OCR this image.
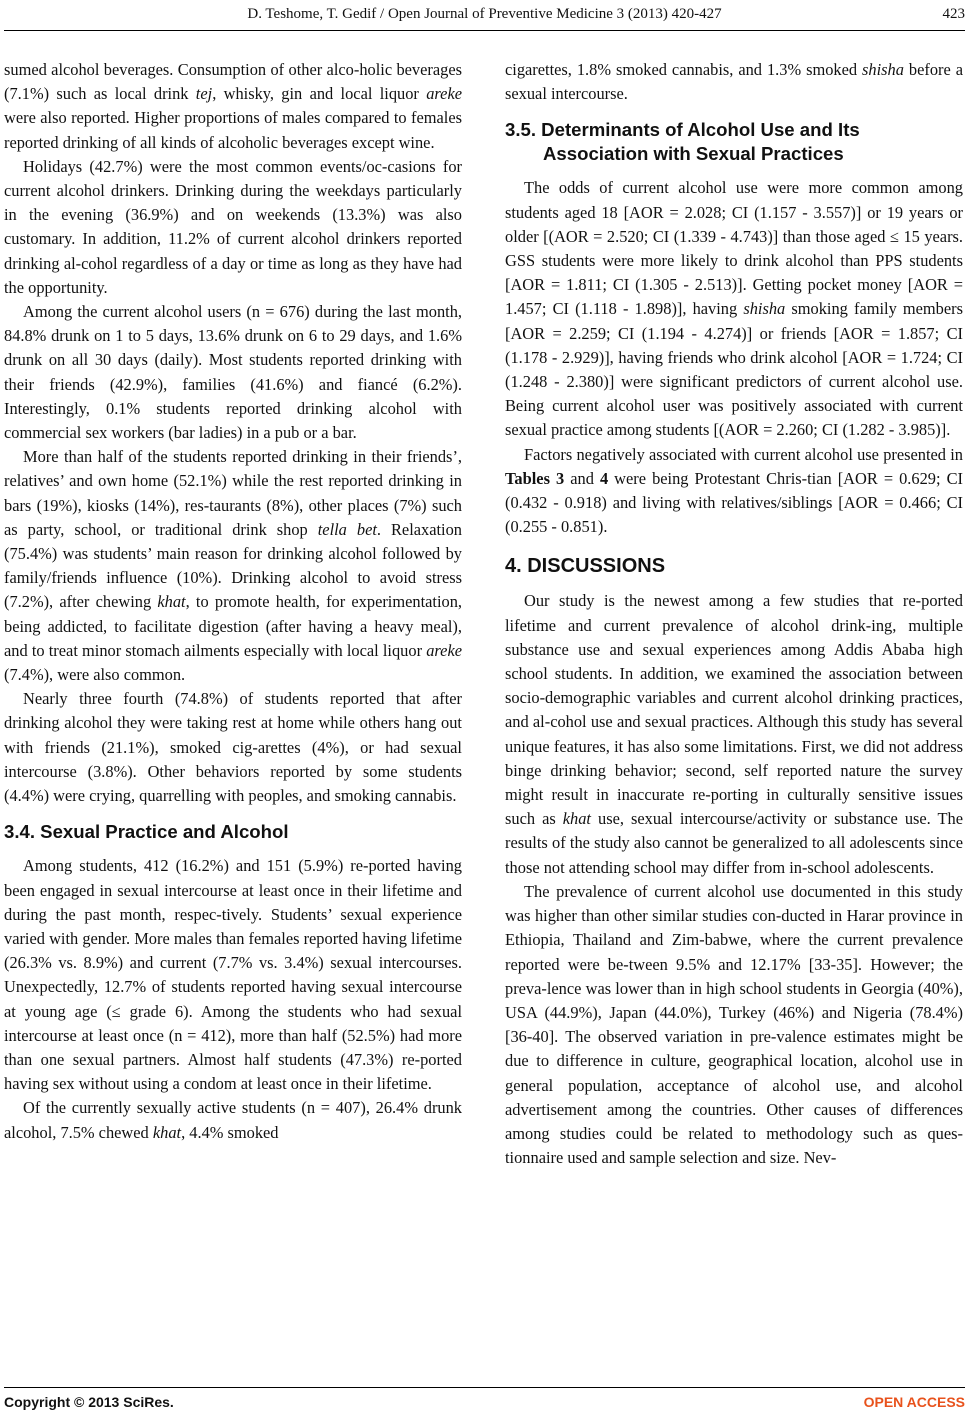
D. Teshome, T. Gedif / Open Journal of Preventive Medicine 3 (2013) 420-427	423

sumed alcohol beverages. Consumption of other alco-holic beverages (7.1%) such as local drink tej, whisky, gin and local liquor areke were also reported. Higher proportions of males compared to females reported drinking of all kinds of alcoholic beverages except wine.

Holidays (42.7%) were the most common events/oc-casions for current alcohol drinkers. Drinking during the weekdays particularly in the evening (36.9%) and on weekends (13.3%) was also customary. In addition, 11.2% of current alcohol drinkers reported drinking al-cohol regardless of a day or time as long as they have had the opportunity.

Among the current alcohol users (n = 676) during the last month, 84.8% drunk on 1 to 5 days, 13.6% drunk on 6 to 29 days, and 1.6% drunk on all 30 days (daily). Most students reported drinking with their friends (42.9%), families (41.6%) and fiancé (6.2%). Interestingly, 0.1% students reported drinking alcohol with commercial sex workers (bar ladies) in a pub or a bar.

More than half of the students reported drinking in their friends’, relatives’ and own home (52.1%) while the rest reported drinking in bars (19%), kiosks (14%), res-taurants (8%), other places (7%) such as party, school, or traditional drink shop tella bet. Relaxation (75.4%) was students’ main reason for drinking alcohol followed by family/friends influence (10%). Drinking alcohol to avoid stress (7.2%), after chewing khat, to promote health, for experimentation, being addicted, to facilitate digestion (after having a heavy meal), and to treat minor stomach ailments especially with local liquor areke (7.4%), were also common.

Nearly three fourth (74.8%) of students reported that after drinking alcohol they were taking rest at home while others hang out with friends (21.1%), smoked cig-arettes (4%), or had sexual intercourse (3.8%). Other behaviors reported by some students (4.4%) were crying, quarrelling with peoples, and smoking cannabis.

3.4. Sexual Practice and Alcohol

Among students, 412 (16.2%) and 151 (5.9%) re-ported having been engaged in sexual intercourse at least once in their lifetime and during the past month, respec-tively. Students’ sexual experience varied with gender. More males than females reported having lifetime (26.3% vs. 8.9%) and current (7.7% vs. 3.4%) sexual intercourses. Unexpectedly, 12.7% of students reported having sexual intercourse at young age (≤ grade 6). Among the students who had sexual intercourse at least once (n = 412), more than half (52.5%) had more than one sexual partners. Almost half students (47.3%) re-ported having sex without using a condom at least once in their lifetime.

Of the currently sexually active students (n = 407), 26.4% drunk alcohol, 7.5% chewed khat, 4.4% smoked

cigarettes, 1.8% smoked cannabis, and 1.3% smoked shisha before a sexual intercourse.

3.5. Determinants of Alcohol Use and Its Association with Sexual Practices

The odds of current alcohol use were more common among students aged 18 [AOR = 2.028; CI (1.157 - 3.557)] or 19 years or older [(AOR = 2.520; CI (1.339 - 4.743)] than those aged ≤ 15 years. GSS students were more likely to drink alcohol than PPS students [AOR = 1.811; CI (1.305 - 2.513)]. Getting pocket money [AOR = 1.457; CI (1.118 - 1.898)], having shisha smoking family members [AOR = 2.259; CI (1.194 - 4.274)] or friends [AOR = 1.857; CI (1.178 - 2.929)], having friends who drink alcohol [AOR = 1.724; CI (1.248 - 2.380)] were significant predictors of current alcohol use. Being current alcohol user was positively associated with current sexual practice among students [(AOR = 2.260; CI (1.282 - 3.985)].

Factors negatively associated with current alcohol use presented in Tables 3 and 4 were being Protestant Chris-tian [AOR = 0.629; CI (0.432 - 0.918) and living with relatives/siblings [AOR = 0.466; CI (0.255 - 0.851).

4. DISCUSSIONS

Our study is the newest among a few studies that re-ported lifetime and current prevalence of alcohol drink-ing, multiple substance use and sexual experiences among Addis Ababa high school students. In addition, we examined the association between socio-demographic variables and current alcohol drinking practices, and al-cohol use and sexual practices. Although this study has several unique features, it has also some limitations. First, we did not address binge drinking behavior; second, self reported nature the survey might result in inaccurate re-porting in culturally sensitive issues such as khat use, sexual intercourse/activity or substance use. The results of the study also cannot be generalized to all adolescents since those not attending school may differ from in-school adolescents.

The prevalence of current alcohol use documented in this study was higher than other similar studies con-ducted in Harar province in Ethiopia, Thailand and Zim-babwe, where the current prevalence reported were be-tween 9.5% and 12.17% [33-35]. However; the preva-lence was lower than in high school students in Georgia (40%), USA (44.9%), Japan (44.0%), Turkey (46%) and Nigeria (78.4%) [36-40]. The observed variation in pre-valence estimates might be due to difference in culture, geographical location, alcohol use in general population, acceptance of alcohol use, and alcohol advertisement among the countries. Other causes of differences among studies could be related to methodology such as ques-tionnaire used and sample selection and size. Nev-

Copyright © 2013 SciRes.	OPEN ACCESS
